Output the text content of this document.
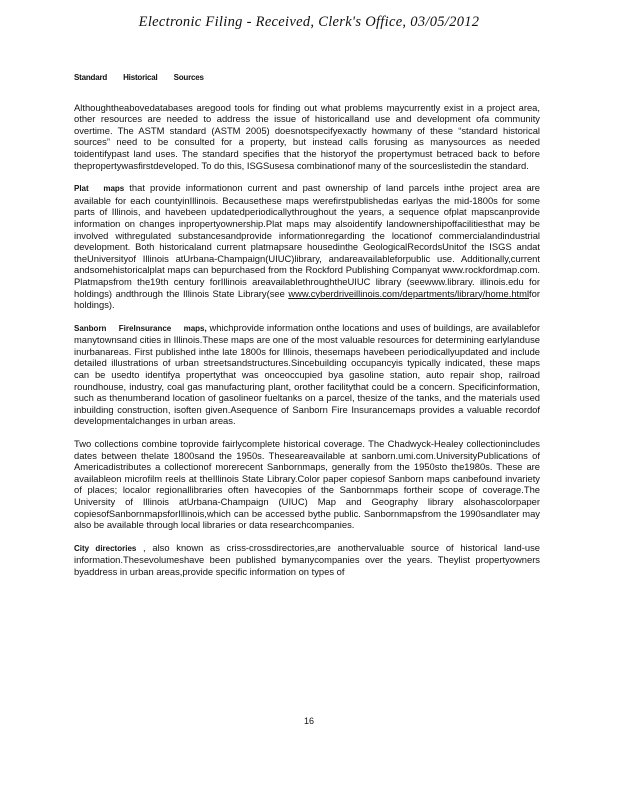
Electronic Filing - Received, Clerk's Office, 03/05/2012
Standard Historical Sources

Althoughtheabovedatabases aregood tools for finding out what problems maycurrently exist in a project area, other resources are needed to address the issue of historicalland use and development ofa community overtime. The ASTM standard (ASTM 2005) doesnotspecifyexactly howmany of these “standard historical sources” need to be consulted for a property, but instead calls forusing as manysources as needed toidentifypast land uses. The standard specifies that the historyof the propertymust betraced back to before thepropertywasfirstdeveloped. To do this, ISGSusesa combinationof many of the sourceslistedin the standard.

Plat maps that provide informationon current and past ownership of land parcels inthe project area are available for each countyinIllinois. Becausethese maps werefirstpublishedas earlyas the mid-1800s for some parts of Illinois, and havebeen updatedperiodicallythroughout the years, a sequence ofplat mapscanprovide information on changes inpropertyownership.Plat maps may alsoidentify landownershipoffacilitiesthat may be involved withregulated substancesandprovide informationregarding the locationof commercialandindustrial development. Both historicaland current platmapsare housedinthe GeologicalRecordsUnitof the ISGS andat theUniversityof Illinois atUrbana-Champaign(UIUC)library, andareavailableforpublic use. Additionally,current andsomehistoricalplat maps can bepurchased from the Rockford Publishing Companyat www.rockfordmap.com. Platmapsfrom the19th century forIllinois areavailablethroughtheUIUC library (seewww.library. illinois.edu for holdings) andthrough the Illinois State Library(see www.cyberdriveillinois.com/departments/library/home.htmlfor holdings).

Sanborn FireInsurance maps, whichprovide information onthe locations and uses of buildings, are availablefor manytownsand cities in Illinois.These maps are one of the most valuable resources for determining earlylanduse inurbanareas. First published inthe late 1800s for Illinois, thesemaps havebeen periodicallyupdated and include detailed illustrations of urban streetsandstructures.Sincebuilding occupancyis typically indicated, these maps can be usedto identifya propertythat was onceoccupied bya gasoline station, auto repair shop, railroad roundhouse, industry, coal gas manufacturing plant, orother facilitythat could be a concern. Specificinformation, such as thenumberand location of gasolineor fueltanks on a parcel, thesize of the tanks, and the materials used inbuilding construction, isoften given.Asequence of Sanborn Fire Insurancemaps provides a valuable recordof developmentalchanges in urban areas.

Two collections combine toprovide fairlycomplete historical coverage. The Chadwyck-Healey collectionincludes dates between thelate 1800sand the 1950s. Theseareavailable at sanborn.umi.com.UniversityPublications of Americadistributes a collectionof morerecent Sanbornmaps, generally from the 1950sto the1980s. These are availableon microfilm reels at theIllinois State Library.Color paper copiesof Sanborn maps canbefound invariety of places; localor regionallibraries often havecopies of the Sanbornmaps fortheir scope of coverage.The University of Illinois atUrbana-Champaign (UIUC) Map and Geography library alsohascolorpaper copiesofSanbornmapsforIllinois,which can be accessed bythe public. Sanbornmapsfrom the 1990sandlater may also be available through local libraries or data researchcompanies.

City directories , also known as criss-crossdirectories,are anothervaluable source of historical land-use information.Thesevolumeshave been published bymanycompanies over the years. Theylist propertyowners byaddress in urban areas,provide specific information on types of

16
